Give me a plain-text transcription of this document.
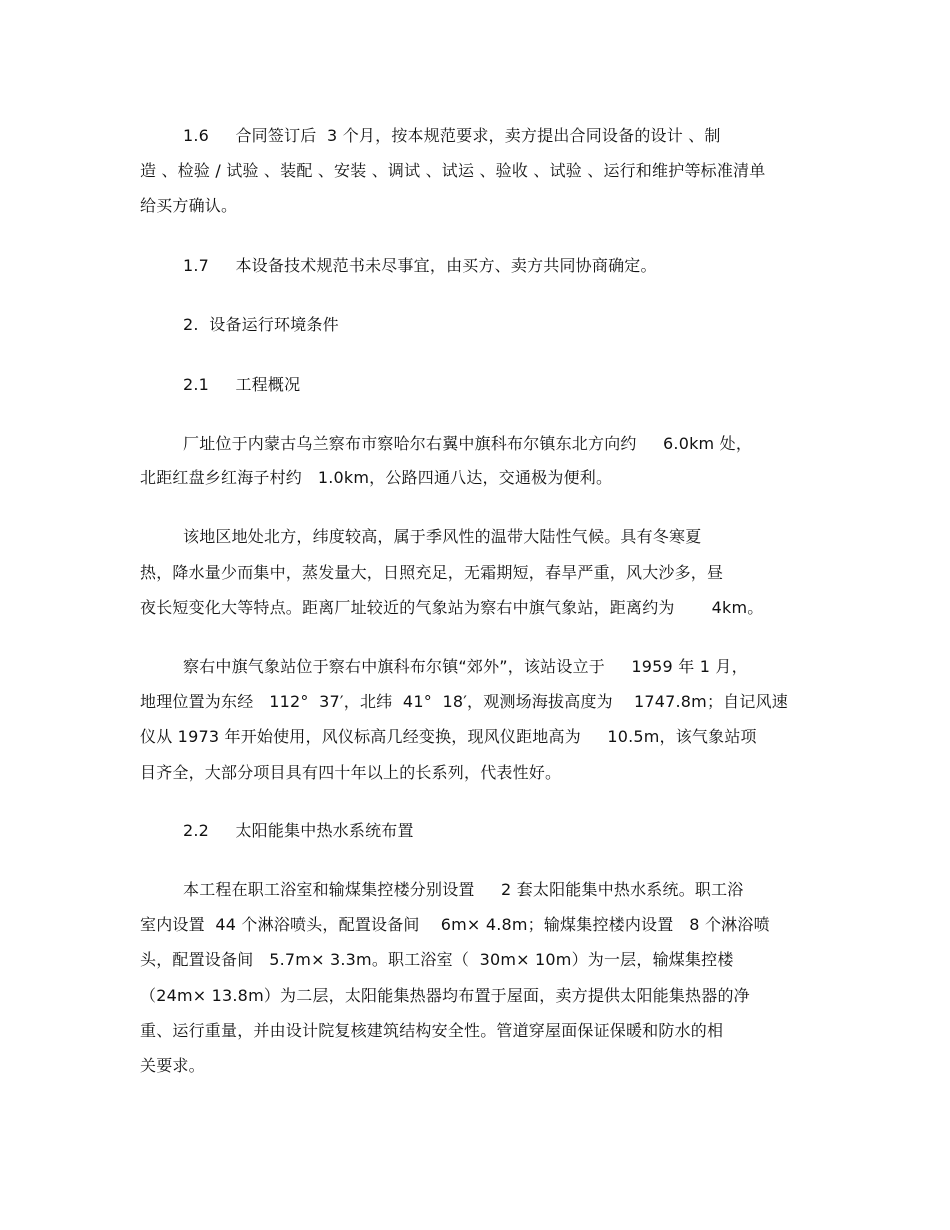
1.6     合同签订后  3 个月，按本规范要求，卖方提出合同设备的设计 、制
造 、检验 / 试验 、装配 、安装 、调试 、试运 、验收 、试验 、运行和维护等标准清单
给买方确认。
1.7     本设备技术规范书未尽事宜，由买方、卖方共同协商确定。
2.  设备运行环境条件
2.1     工程概况
厂址位于内蒙古乌兰察布市察哈尔右翼中旗科布尔镇东北方向约     6.0km 处，
北距红盘乡红海子村约   1.0km，公路四通八达，交通极为便利。
该地区地处北方，纬度较高，属于季风性的温带大陆性气候。具有冬寒夏
热，降水量少而集中，蒸发量大，日照充足，无霜期短，春旱严重，风大沙多，昼
夜长短变化大等特点。距离厂址较近的气象站为察右中旗气象站，距离约为       4km。
察右中旗气象站位于察右中旗科布尔镇“郊外”，该站设立于     1959 年 1 月，
地理位置为东经   112°  37′，北纬  41°  18′，观测场海拔高度为    1747.8m；自记风速
仪从 1973 年开始使用，风仪标高几经变换，现风仪距地高为     10.5m，该气象站项
目齐全，大部分项目具有四十年以上的长系列，代表性好。
2.2     太阳能集中热水系统布置
本工程在职工浴室和输煤集控楼分别设置     2 套太阳能集中热水系统。职工浴
室内设置  44 个淋浴喷头，配置设备间    6m× 4.8m；输煤集控楼内设置   8 个淋浴喷
头，配置设备间   5.7m× 3.3m。职工浴室（  30m× 10m）为一层，输煤集控楼
（24m× 13.8m）为二层，太阳能集热器均布置于屋面，卖方提供太阳能集热器的净
重、运行重量，并由设计院复核建筑结构安全性。管道穿屋面保证保暖和防水的相
关要求。
